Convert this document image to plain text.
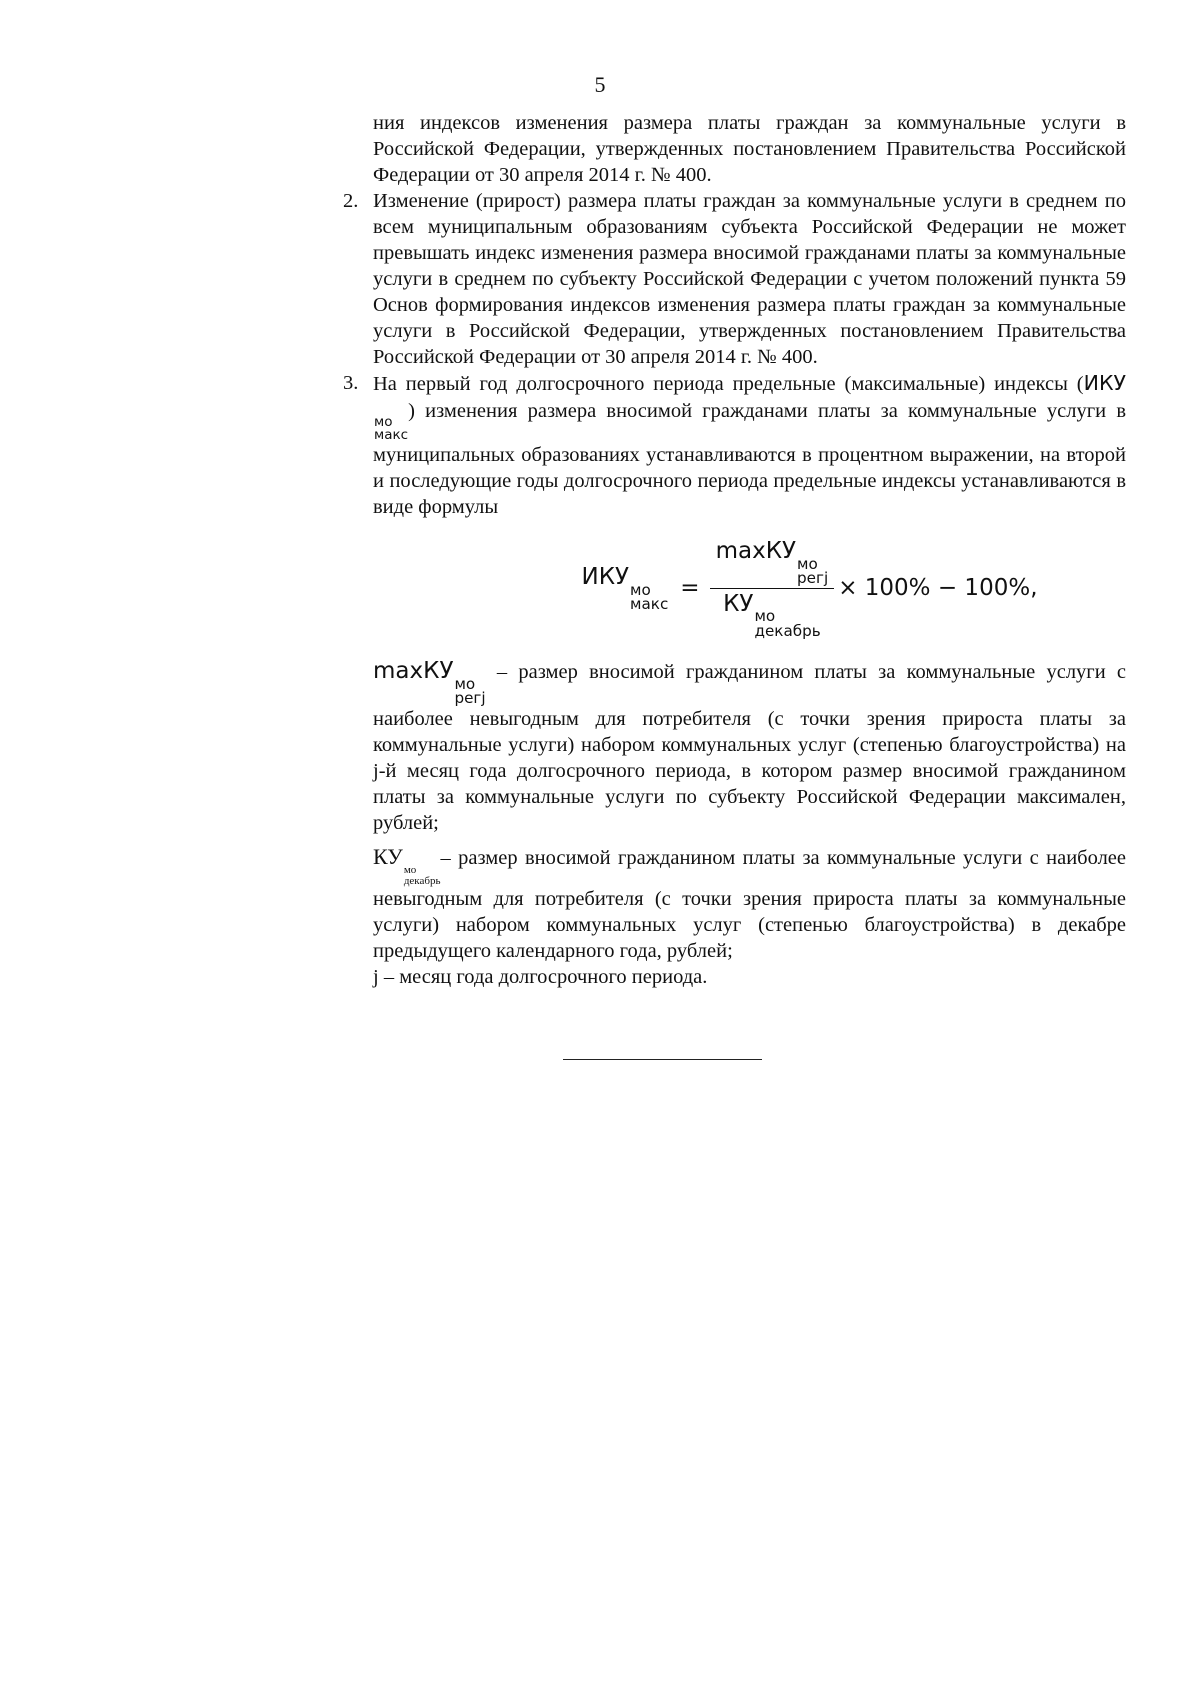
5

ния индексов изменения размера платы граждан за коммунальные услуги в Российской Федерации, утвержденных постановлением Правительства Российской Федерации от 30 апреля 2014 г. № 400.

2. Изменение (прирост) размера платы граждан за коммунальные услуги в среднем по всем муниципальным образованиям субъекта Российской Федерации не может превышать индекс изменения размера вносимой гражданами платы за коммунальные услуги в среднем по субъекту Российской Федерации с учетом положений пункта 59 Основ формирования индексов изменения размера платы граждан за коммунальные услуги в Российской Федерации, утвержденных постановлением Правительства Российской Федерации от 30 апреля 2014 г. № 400.

3. На первый год долгосрочного периода предельные (максимальные) индексы (ИКУ
мо
макс
) изменения размера вносимой гражданами платы за коммунальные услуги в муниципальных образованиях устанавливаются в процентном выражении, на второй и последующие годы долгосрочного периода предельные индексы устанавливаются в виде формулы

ИКУ мо
макс
= maxКУ мо
регj
КУ мо
декабрь × 100% − 100%,

maxКУ мо
регj
– размер вносимой гражданином платы за коммунальные услуги с наиболее невыгодным для потребителя (с точки зрения прироста платы за коммунальные услуги) набором коммунальных услуг (степенью благоустройства) на j-й месяц года долгосрочного периода, в котором размер вносимой гражданином платы за коммунальные услуги по субъекту Российской Федерации максимален, рублей;

КУ
мо
декабрь
– размер вносимой гражданином платы за коммунальные услуги с наиболее невыгодным для потребителя (с точки зрения прироста платы за коммунальные услуги) набором коммунальных услуг (степенью благоустройства) в декабре предыдущего календарного года, рублей;

j – месяц года долгосрочного периода.
